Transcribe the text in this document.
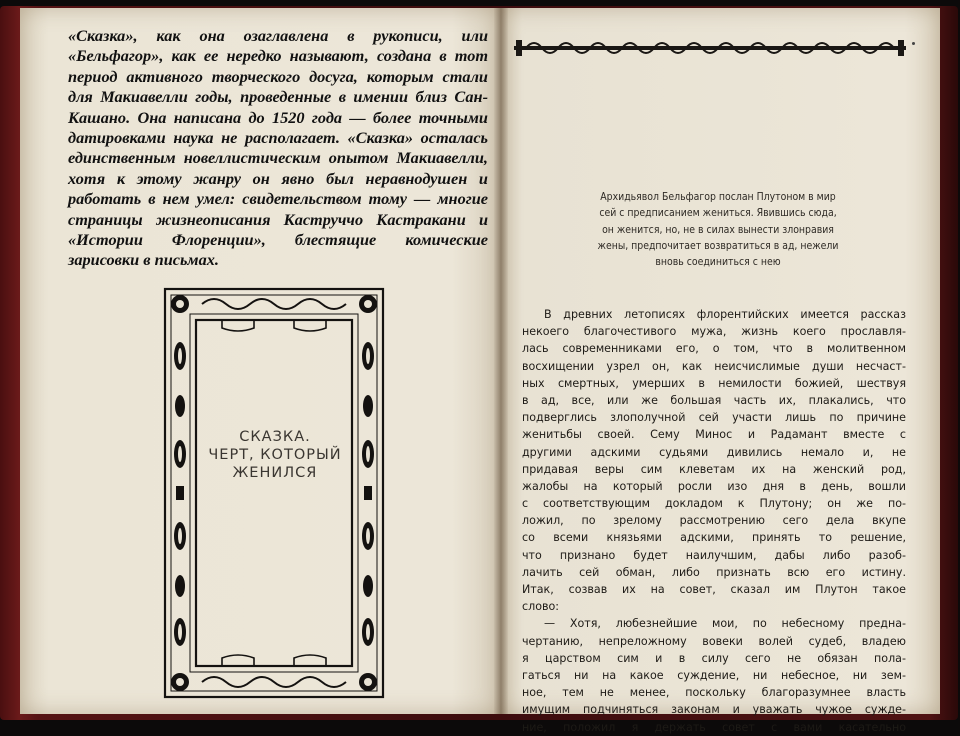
«Сказка», как она озаглавлена в рукописи, или «Бельфагор», как ее нередко называют, создана в тот период активного творческого досуга, которым стали для Макиавелли годы, проведенные в имении близ Сан-Кашано. Она написана до 1520 года — более точными датировками наука не располагает. «Сказка» осталась единственным новеллистическим опытом Макиавелли, хотя к этому жанру он явно был неравнодушен и работать в нем умел: свидетельством тому — многие страницы жизнеописания Каструччо Кастракани и «Истории Флоренции», блестящие комические зарисовки в письмах.

СКАЗКА.
ЧЕРТ, КОТОРЫЙ
ЖЕНИЛСЯ
Архидьявол Бельфагор послан Плутоном в мир
сей с предписанием жениться. Явившись сюда,
он женится, но, не в силах вынести злонравия
жены, предпочитает возвратиться в ад, нежели
вновь соединиться с нею
В древних летописях флорентийских имеется рассказ
некоего благочестивого мужа, жизнь коего прославля-
лась современниками его, о том, что в молитвенном
восхищении узрел он, как неисчислимые души несчаст-
ных смертных, умерших в немилости божией, шествуя
в ад, все, или же большая часть их, плакались, что
подверглись злополучной сей участи лишь по причине
женитьбы своей. Сему Минос и Радамант вместе с
другими адскими судьями дивились немало и, не
придавая веры сим клеветам их на женский род,
жалобы на который росли изо дня в день, вошли
с соответствующим докладом к Плутону; он же по-
ложил, по зрелому рассмотрению сего дела вкупе
со всеми князьями адскими, принять то решение,
что признано будет наилучшим, дабы либо разоб-
лачить сей обман, либо признать всю его истину.
Итак, созвав их на совет, сказал им Плутон такое
слово:
— Хотя, любезнейшие мои, по небесному предна-
чертанию, непреложному вовеки волей судеб, владею
я царством сим и в силу сего не обязан пола-
гаться ни на какое суждение, ни небесное, ни зем-
ное, тем не менее, поскольку благоразумнее власть
имущим подчиняться законам и уважать чужое сужде-
ние, положил я держать совет с вами касательно
